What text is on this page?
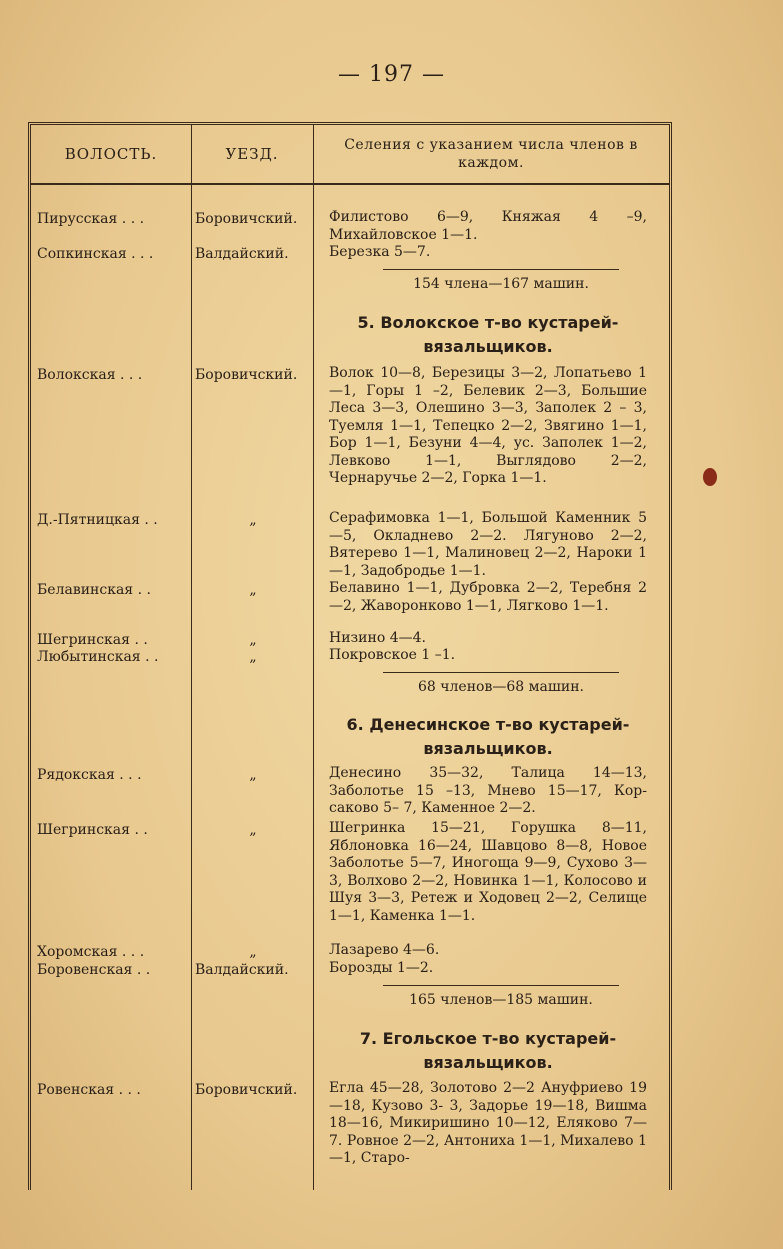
— 197 —
ВОЛОСТЬ.	УЕЗД.	Селения с указанием числа членов в каждом.
Пирусская . . .	Боровичский.	Филистово 6—9, Княжая 4 –9, Михайловское 1—1.
Сопкинская . . .	Валдайский.	Березка 5—7.
154 члена—167 машин.
5. Волокское т-во кустарей-вязальщиков.
Волокская . . .	Боровичский.	Волок 10—8, Березицы 3—2, Лопатьево 1—1, Горы 1 –2, Белевик 2—3, Большие Леса 3—3, Олешино 3—3, Заполек 2 – 3, Туемля 1—1, Тепецко 2—2, Звягино 1—1, Бор 1—1, Безуни 4—4, ус. Заполек 1—2, Левково 1—1, Выглядово 2—2, Чернаручье 2—2, Горка 1—1.
Д.-Пятницкая . .	„	Серафимовка 1—1, Большой Каменник 5—5, Окладнево 2—2. Лягуново 2—2, Вятерево 1—1, Малиновец 2—2, Нароки 1—1, Задобродье 1—1.
Белавинская . .	„	Белавино 1—1, Дубровка 2—2, Теребня 2—2, Жаворонково 1—1, Лягково 1—1.
Шегринская . .	„	Низино 4—4.
Любытинская . .	„	Покровское 1 –1.
68 членов—68 машин.
6. Денесинское т-во кустарей-вязальщиков.
Рядокская . . .	„	Денесино 35—32, Талица 14—13, Заболотье 15 –13, Мнево 15—17, Корсаково 5– 7, Каменное 2—2.
Шегринская . .	„	Шегринка 15—21, Горушка 8—11, Яблоновка 16—24, Шавцово 8—8, Новое Заболотье 5—7, Иногоща 9—9, Сухово 3—3, Волхово 2—2, Новинка 1—1, Колосово и Шуя 3—3, Ретеж и Ходовец 2—2, Селище 1—1, Каменка 1—1.
Хоромская . . .	„	Лазарево 4—6.
Боровенская . .	Валдайский.	Борозды 1—2.
165 членов—185 машин.
7. Егольское т-во кустарей-вязальщиков.
Ровенская . . .	Боровичский.	Егла 45—28, Золотово 2—2 Ануфриево 19—18, Кузово 3- 3, Задорье 19—18, Вишма 18—16, Микиришино 10—12, Еляково 7—7. Ровное 2—2, Антониха 1—1, Михалево 1—1, Старо-
